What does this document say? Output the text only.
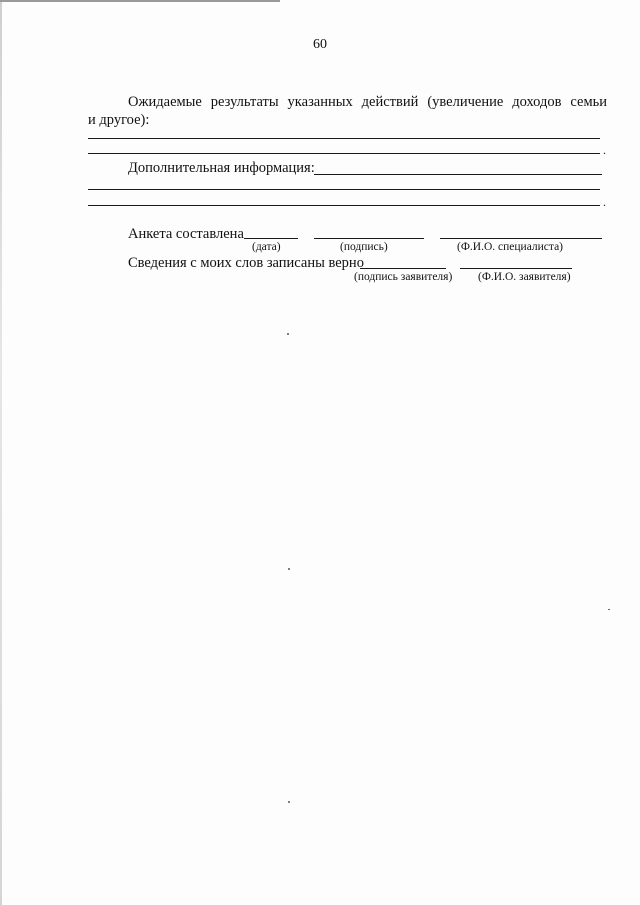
60
Ожидаемые результаты указанных действий (увеличение доходов семьи
и другое):
.
Дополнительная информация:
.
Анкета составлена
(дата)	(подпись)	(Ф.И.О. специалиста)
Сведения с моих слов записаны верно
(подпись заявителя) (Ф.И.О. заявителя)
